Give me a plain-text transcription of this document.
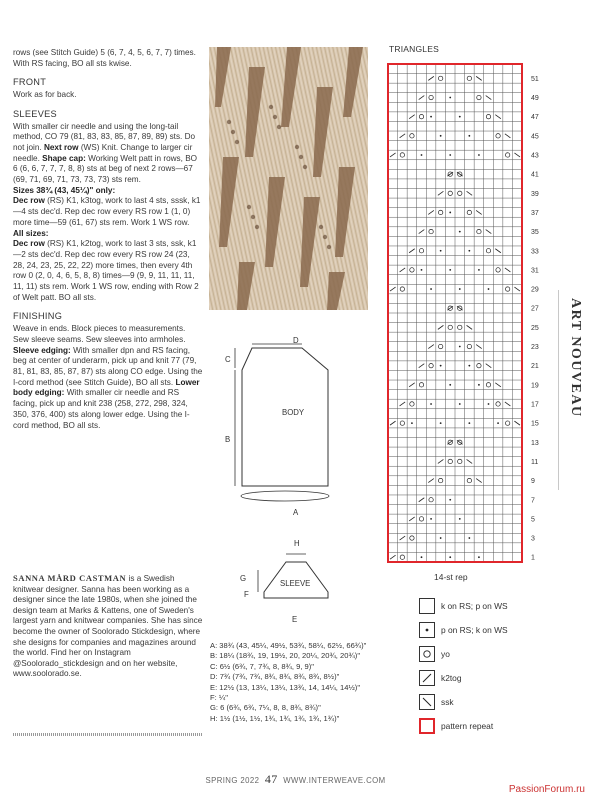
rows (see Stitch Guide) 5 (6, 7, 4, 5, 6, 7, 7) times. With RS facing, BO all sts kwise.

FRONT

Work as for back.

SLEEVES

With smaller cir needle and using the long-tail method, CO 79 (81, 83, 83, 85, 87, 89, 89) sts. Do not join. Next row (WS) Knit. Change to larger cir needle. Shape cap: Working Welt patt in rows, BO 6 (6, 6, 7, 7, 7, 8, 8) sts at beg of next 2 rows—67 (69, 71, 69, 71, 73, 73, 73) sts rem.

Sizes 38¾ (43, 45¼)" only:

Dec row (RS) K1, k3tog, work to last 4 sts, sssk, k1—4 sts dec'd. Rep dec row every RS row 1 (1, 0) more time—59 (61, 67) sts rem. Work 1 WS row.

All sizes:

Dec row (RS) K1, k2tog, work to last 3 sts, ssk, k1—2 sts dec'd. Rep dec row every RS row 24 (23, 28, 24, 23, 25, 22, 22) more times, then every 4th row 0 (2, 0, 4, 6, 5, 8, 8) times—9 (9, 9, 11, 11, 11, 11, 11) sts rem. Work 1 WS row, ending with Row 2 of Welt patt. BO all sts.

FINISHING

Weave in ends. Block pieces to measurements. Sew sleeve seams. Sew sleeves into armholes. Sleeve edging: With smaller dpn and RS facing, beg at center of underarm, pick up and knit 77 (79, 81, 81, 83, 85, 87, 87) sts along CO edge. Using the I-cord method (see Stitch Guide), BO all sts. Lower body edging: With smaller cir needle and RS facing, pick up and knit 238 (258, 272, 298, 324, 350, 376, 400) sts along lower edge. Using the I-cord method, BO all sts.

SANNA MÅRD CASTMAN is a Swedish knitwear designer. Sanna has been working as a designer since the late 1980s, when she joined the design team at Marks & Kattens, one of Sweden's largest yarn and knitwear companies. She has since become the owner of Soolorado Stickdesign, where she designs for companies and magazines around the world. Find her on Instagram @Soolorado_stickdesign and on her website, www.soolorado.se.
BODY
D
C
B
A
SLEEVE
H
G
F
E

A: 38¾ (43, 45¼, 49½, 53¾, 58¼, 62½, 66¾)"

B: 18¼ (18¾, 19, 19½, 20, 20¼, 20¾, 20¾)"

C: 6½ (6¾, 7, 7¾, 8, 8¾, 9, 9)"

D: 7¾ (7¾, 7¾, 8¾, 8¾, 8¾, 8¾, 8½)"

E: 12½ (13, 13¼, 13¼, 13¾, 14, 14¼, 14½)"

F: ¼"

G: 6 (6¾, 6¾, 7¼, 8, 8, 8¾, 8¾)"

H: 1½ (1½, 1½, 1¾, 1¾, 1¾, 1¾, 1¾)"

TRIANGLES
51
49
47
45
43
41
39
37
35
33
31
29
27
25
23
21
19
17
15
13
11
9
7
5
3
1
14-st rep
k on RS; p on WS
p on RS; k on WS
yo
k2tog
ssk
pattern repeat
ART NOUVEAU
SPRING 2022 47 WWW.INTERWEAVE.COM
PassionForum.ru
